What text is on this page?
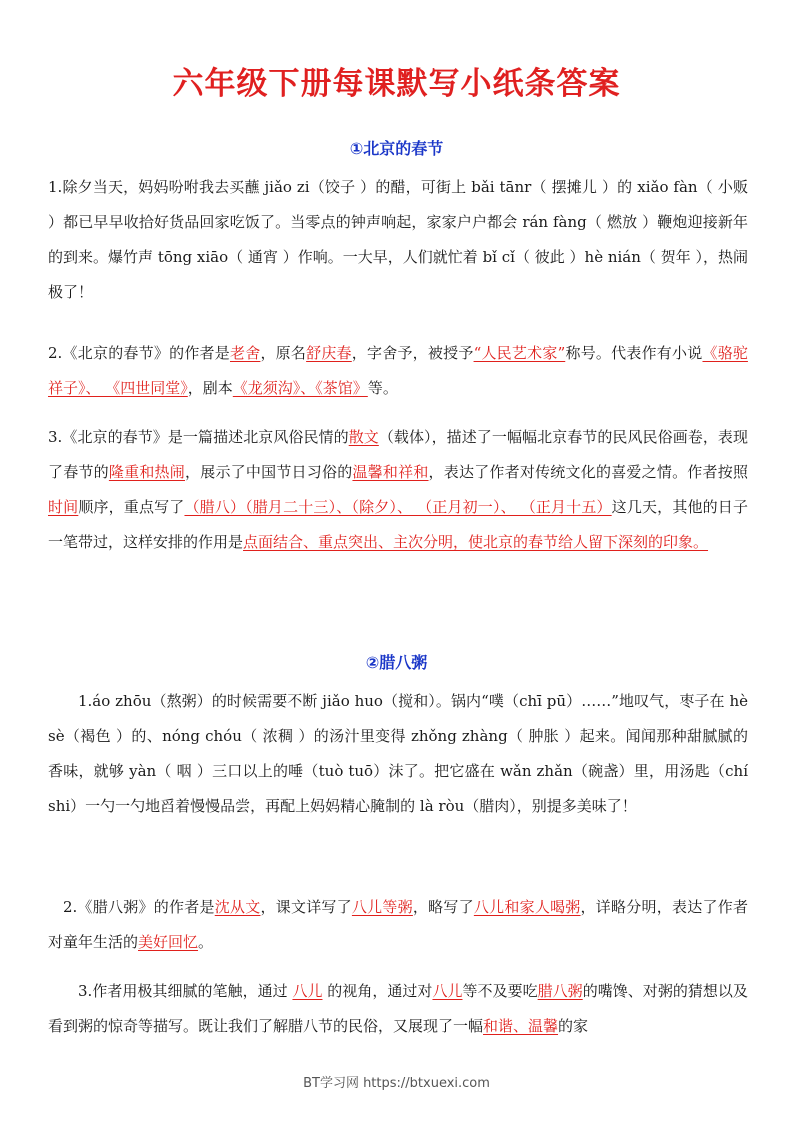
六年级下册每课默写小纸条答案
①北京的春节

1.除夕当天，妈妈吩咐我去买蘸 jiǎo zi（饺子 ）的醋，可街上 bǎi tānr（ 摆摊儿 ）的 xiǎo fàn（ 小贩 ）都已早早收拾好货品回家吃饭了。当零点的钟声响起，家家户户都会 rán fàng（ 燃放 ）鞭炮迎接新年的到来。爆竹声 tōng xiāo（ 通宵 ）作响。一大早，人们就忙着 bǐ cǐ（ 彼此 ）hè nián（ 贺年 ），热闹极了！

2.《北京的春节》的作者是老舍，原名舒庆春，字舍予，被授予“人民艺术家”称号。代表作有小说《骆驼祥子》、 《四世同堂》，剧本《龙须沟》、《茶馆》等。

3.《北京的春节》是一篇描述北京风俗民情的散文（载体），描述了一幅幅北京春节的民风民俗画卷，表现了春节的隆重和热闹，展示了中国节日习俗的温馨和祥和，表达了作者对传统文化的喜爱之情。作者按照时间顺序，重点写了（腊八）（腊月二十三）、（除夕）、 （正月初一）、 （正月十五）这几天，其他的日子一笔带过，这样安排的作用是点面结合、重点突出、主次分明，使北京的春节给人留下深刻的印象。

②腊八粥

1.áo zhōu（熬粥）的时候需要不断 jiǎo huo（搅和）。锅内“噗（chī pū）……”地叹气，枣子在 hè sè（褐色 ）的、nóng chóu（ 浓稠 ）的汤汁里变得 zhǒng zhàng（ 肿胀 ）起来。闻闻那种甜腻腻的香味，就够 yàn（ 咽 ）三口以上的唾（tuò tuō）沫了。把它盛在 wǎn zhǎn（碗盏）里，用汤匙（chí shi）一勺一勺地舀着慢慢品尝，再配上妈妈精心腌制的 là ròu（腊肉），别提多美味了！

2.《腊八粥》的作者是沈从文，课文详写了八儿等粥，略写了八儿和家人喝粥，详略分明，表达了作者对童年生活的美好回忆。

3.作者用极其细腻的笔触，通过 八儿 的视角，通过对八儿等不及要吃腊八粥的嘴馋、对粥的猜想以及看到粥的惊奇等描写。既让我们了解腊八节的民俗，又展现了一幅和谐、温馨的家

BT学习网 https://btxuexi.com
